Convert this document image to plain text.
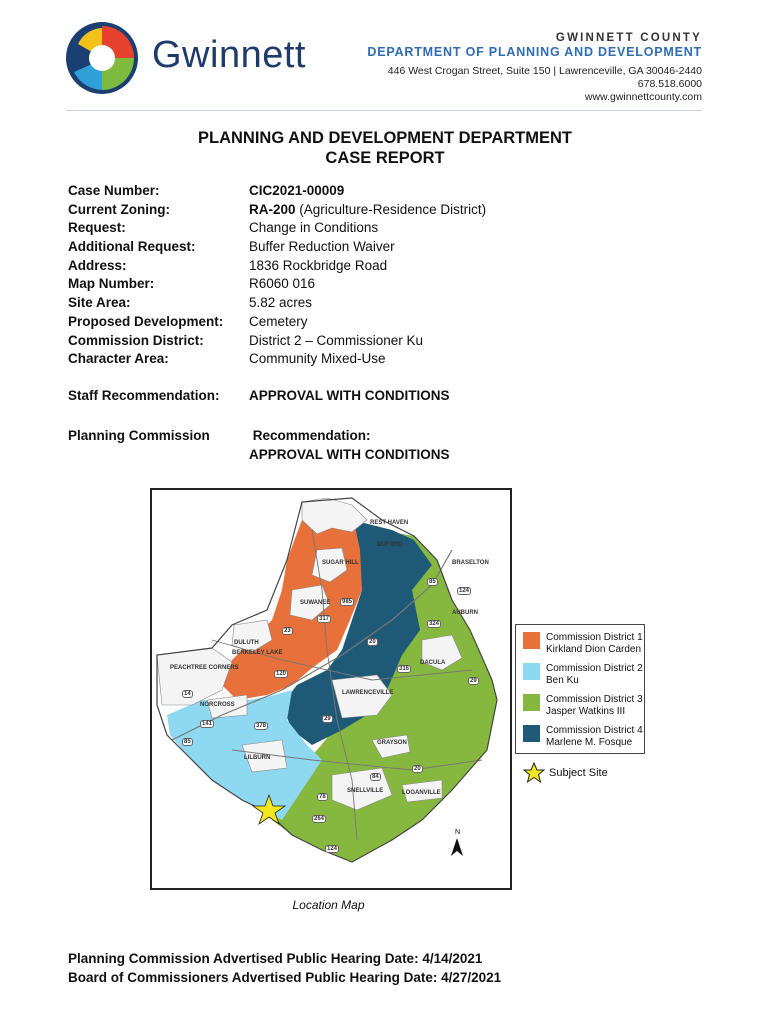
Gwinnett	GWINNETT COUNTY
DEPARTMENT OF PLANNING AND DEVELOPMENT
446 West Crogan Street, Suite 150 | Lawrenceville, GA 30046-2440
678.518.6000
www.gwinnettcounty.com
PLANNING AND DEVELOPMENT DEPARTMENT
CASE REPORT
Case Number:	CIC2021-00009
Current Zoning:	RA-200 (Agriculture-Residence District)
Request:	Change in Conditions
Additional Request:	Buffer Reduction Waiver
Address:	1836 Rockbridge Road
Map Number:	R6060 016
Site Area:	5.82 acres
Proposed Development:	Cemetery
Commission District:	District 2 – Commissioner Ku
Character Area:	Community Mixed-Use
Staff Recommendation: APPROVAL WITH CONDITIONS
Planning Commission	Recommendation:
APPROVAL WITH CONDITIONS
N
REST HAVEN
BUFORD
SUGAR HILL	BRASELTON
SUWANEE
AUBURN
DULUTH
BERKELEY LAKE
DACULA
PEACHTREE CORNERS
LAWRENCEVILLE
NORCROSS
GRAYSON
LILBURN
SNELLVILLE	LOGANVILLE
85
985
85
23
317
20
324
124
316
29
120
14
141	378
29
84
20
78
264
124
Commission District 1
Kirkland Dion Carden
Commission District 2
Ben Ku
Commission District 3
Jasper Watkins III
Commission District 4
Marlene M. Fosque
Subject Site
Location Map
Planning Commission Advertised Public Hearing Date: 4/14/2021
Board of Commissioners Advertised Public Hearing Date: 4/27/2021
